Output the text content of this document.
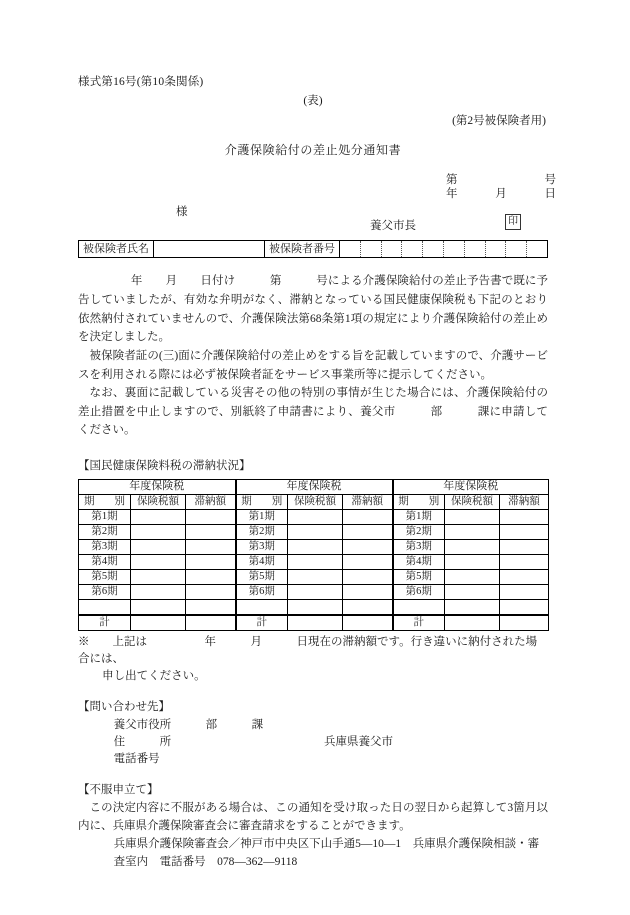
様式第16号(第10条関係)
(表)
(第2号被保険者用)
介護保険給付の差止処分通知書
第	号
年	月	日
様
養父市長	印
被保険者氏名	被保険者番号

年　　月　　日付け　　　第　　　号による介護保険給付の差止予告書で既に予告していましたが、有効な弁明がなく、滞納となっている国民健康保険税も下記のとおり依然納付されていませんので、介護保険法第68条第1項の規定により介護保険給付の差止めを決定しました。

被保険者証の(三)面に介護保険給付の差止めをする旨を記載していますので、介護サービスを利用される際には必ず被保険者証をサービス事業所等に提示してください。

なお、裏面に記載している災害その他の特別の事情が生じた場合には、介護保険給付の差止措置を中止しますので、別紙終了申請書により、養父市　　　部　　　課に申請してください。

【国民健康保険料税の滞納状況】
年度保険税			年度保険税			年度保険税		
期　別	保険税額	滞納額	期　別	保険税額	滞納額	期　別	保険税額	滞納額
第1期			第1期			第1期		
第2期			第2期			第2期		
第3期			第3期			第3期		
第4期			第4期			第4期		
第5期			第5期			第5期		
第6期			第6期			第6期		

計			計			計		
※　　上記は　　　　　年　　　月　　　日現在の滞納額です。行き違いに納付された場合には、
申し出てください。
【問い合わせ先】
養父市役所　　　部　　　課
住　　　所	兵庫県養父市
電話番号
【不服申立て】

この決定内容に不服がある場合は、この通知を受け取った日の翌日から起算して3箇月以内に、兵庫県介護保険審査会に審査請求をすることができます。

兵庫県介護保険審査会／神戸市中央区下山手通5—10—1　兵庫県介護保険相談・審
査室内　電話番号　078—362—9118
